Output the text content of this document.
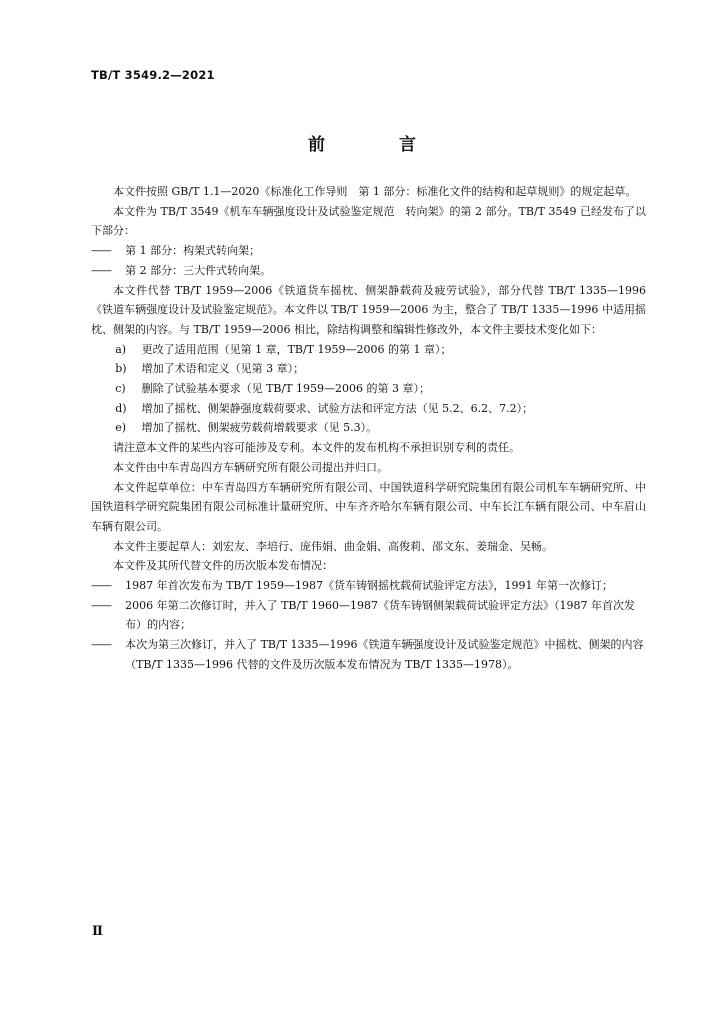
TB/T 3549.2—2021
前 言

本文件按照 GB/T 1.1—2020《标准化工作导则　第 1 部分：标准化文件的结构和起草规则》的规定起草。

本文件为 TB/T 3549《机车车辆强度设计及试验鉴定规范　转向架》的第 2 部分。TB/T 3549 已经发布了以下部分：

—— 第 1 部分：构架式转向架；

—— 第 2 部分：三大件式转向架。

本文件代替 TB/T 1959—2006《铁道货车摇枕、侧架静载荷及疲劳试验》，部分代替 TB/T 1335—1996《铁道车辆强度设计及试验鉴定规范》。本文件以 TB/T 1959—2006 为主，整合了 TB/T 1335—1996 中适用摇枕、侧架的内容。与 TB/T 1959—2006 相比，除结构调整和编辑性修改外，本文件主要技术变化如下：

a)	更改了适用范围（见第 1 章，TB/T 1959—2006 的第 1 章）；
b)	增加了术语和定义（见第 3 章）；
c)	删除了试验基本要求（见 TB/T 1959—2006 的第 3 章）；
d)	增加了摇枕、侧架静强度载荷要求、试验方法和评定方法（见 5.2、6.2、7.2）；
e)	增加了摇枕、侧架疲劳载荷增载要求（见 5.3）。

请注意本文件的某些内容可能涉及专利。本文件的发布机构不承担识别专利的责任。

本文件由中车青岛四方车辆研究所有限公司提出并归口。

本文件起草单位：中车青岛四方车辆研究所有限公司、中国铁道科学研究院集团有限公司机车车辆研究所、中国铁道科学研究院集团有限公司标准计量研究所、中车齐齐哈尔车辆有限公司、中车长江车辆有限公司、中车眉山车辆有限公司。

本文件主要起草人：刘宏友、李培行、庞伟娟、曲金娟、高俊莉、邵文东、姜瑞金、吴畅。

本文件及其所代替文件的历次版本发布情况：

—— 1987 年首次发布为 TB/T 1959—1987《货车铸钢摇枕载荷试验评定方法》，1991 年第一次修订；

—— 2006 年第二次修订时，并入了 TB/T 1960—1987《货车铸钢侧架载荷试验评定方法》（1987 年首次发布）的内容；

—— 本次为第三次修订，并入了 TB/T 1335—1996《铁道车辆强度设计及试验鉴定规范》中摇枕、侧架的内容（TB/T 1335—1996 代替的文件及历次版本发布情况为 TB/T 1335—1978）。

Ⅱ
